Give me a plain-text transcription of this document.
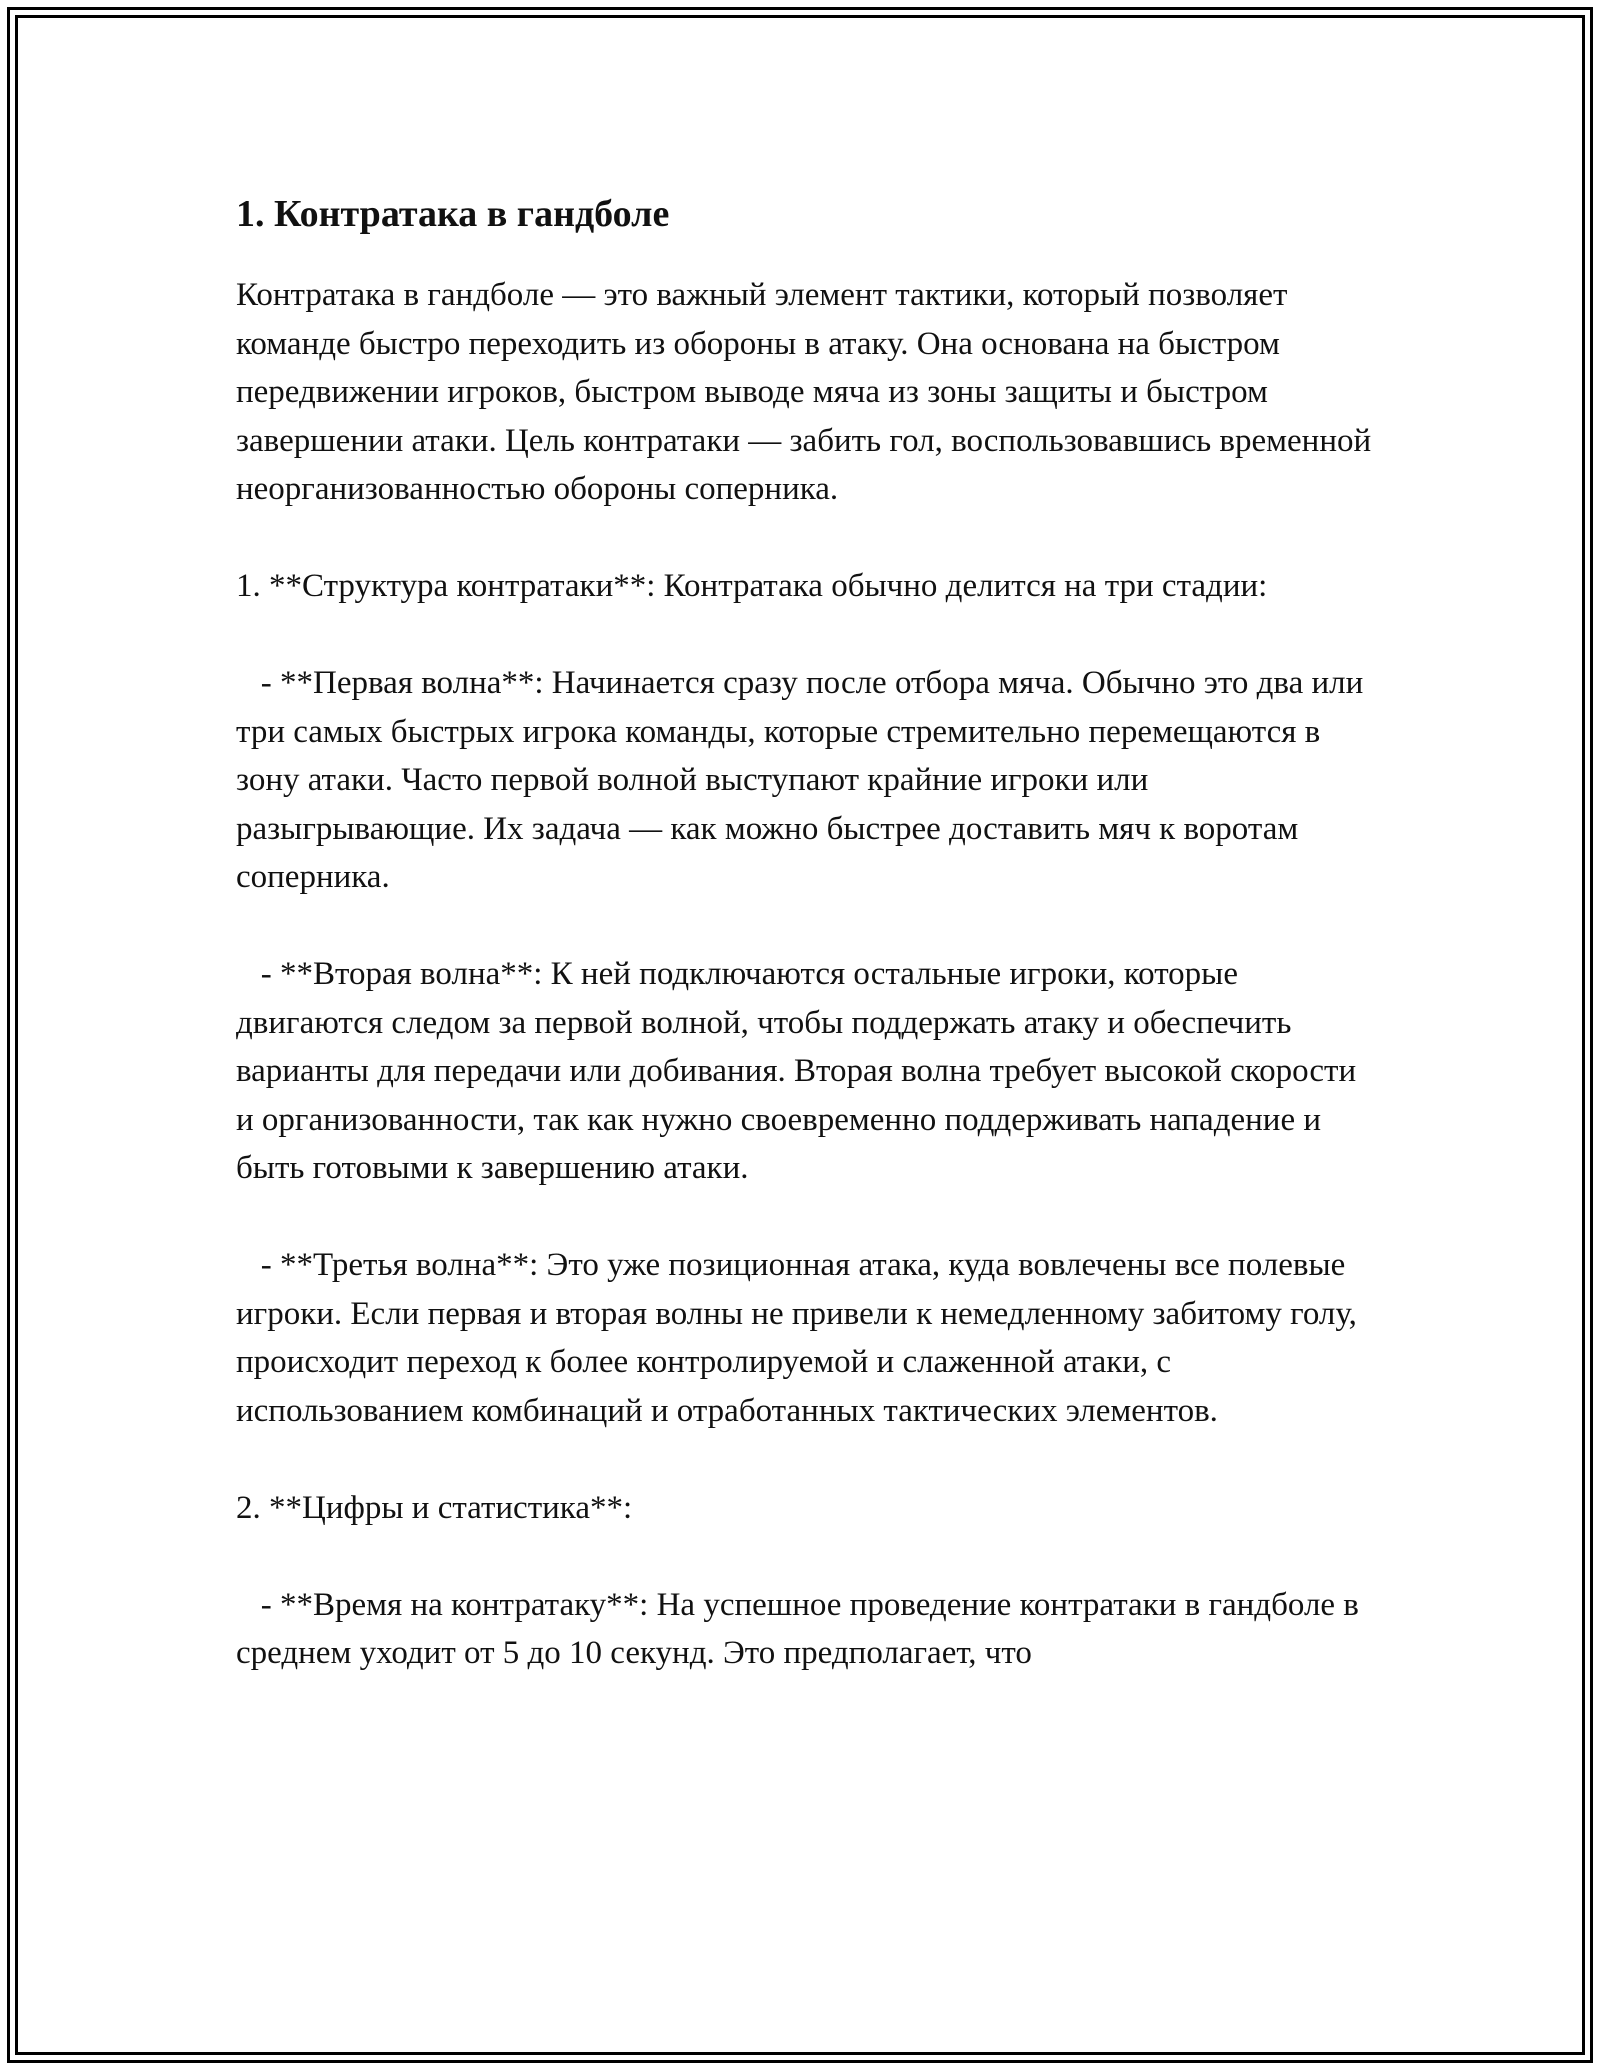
1. Контратака в гандболе

Контратака в гандболе — это важный элемент тактики, который позволяет команде быстро переходить из обороны в атаку. Она основана на быстром передвижении игроков, быстром выводе мяча из зоны защиты и быстром завершении атаки. Цель контратаки — забить гол, воспользовавшись временной неорганизованностью обороны соперника.

1. **Структура контратаки**: Контратака обычно делится на три стадии:

- **Первая волна**: Начинается сразу после отбора мяча. Обычно это два или три самых быстрых игрока команды, которые стремительно перемещаются в зону атаки. Часто первой волной выступают крайние игроки или разыгрывающие. Их задача — как можно быстрее доставить мяч к воротам соперника.

- **Вторая волна**: К ней подключаются остальные игроки, которые двигаются следом за первой волной, чтобы поддержать атаку и обеспечить варианты для передачи или добивания. Вторая волна требует высокой скорости и организованности, так как нужно своевременно поддерживать нападение и быть готовыми к завершению атаки.

- **Третья волна**: Это уже позиционная атака, куда вовлечены все полевые игроки. Если первая и вторая волны не привели к немедленному забитому голу, происходит переход к более контролируемой и слаженной атаки, с использованием комбинаций и отработанных тактических элементов.

2. **Цифры и статистика**:

- **Время на контратаку**: На успешное проведение контратаки в гандболе в среднем уходит от 5 до 10 секунд. Это предполагает, что
